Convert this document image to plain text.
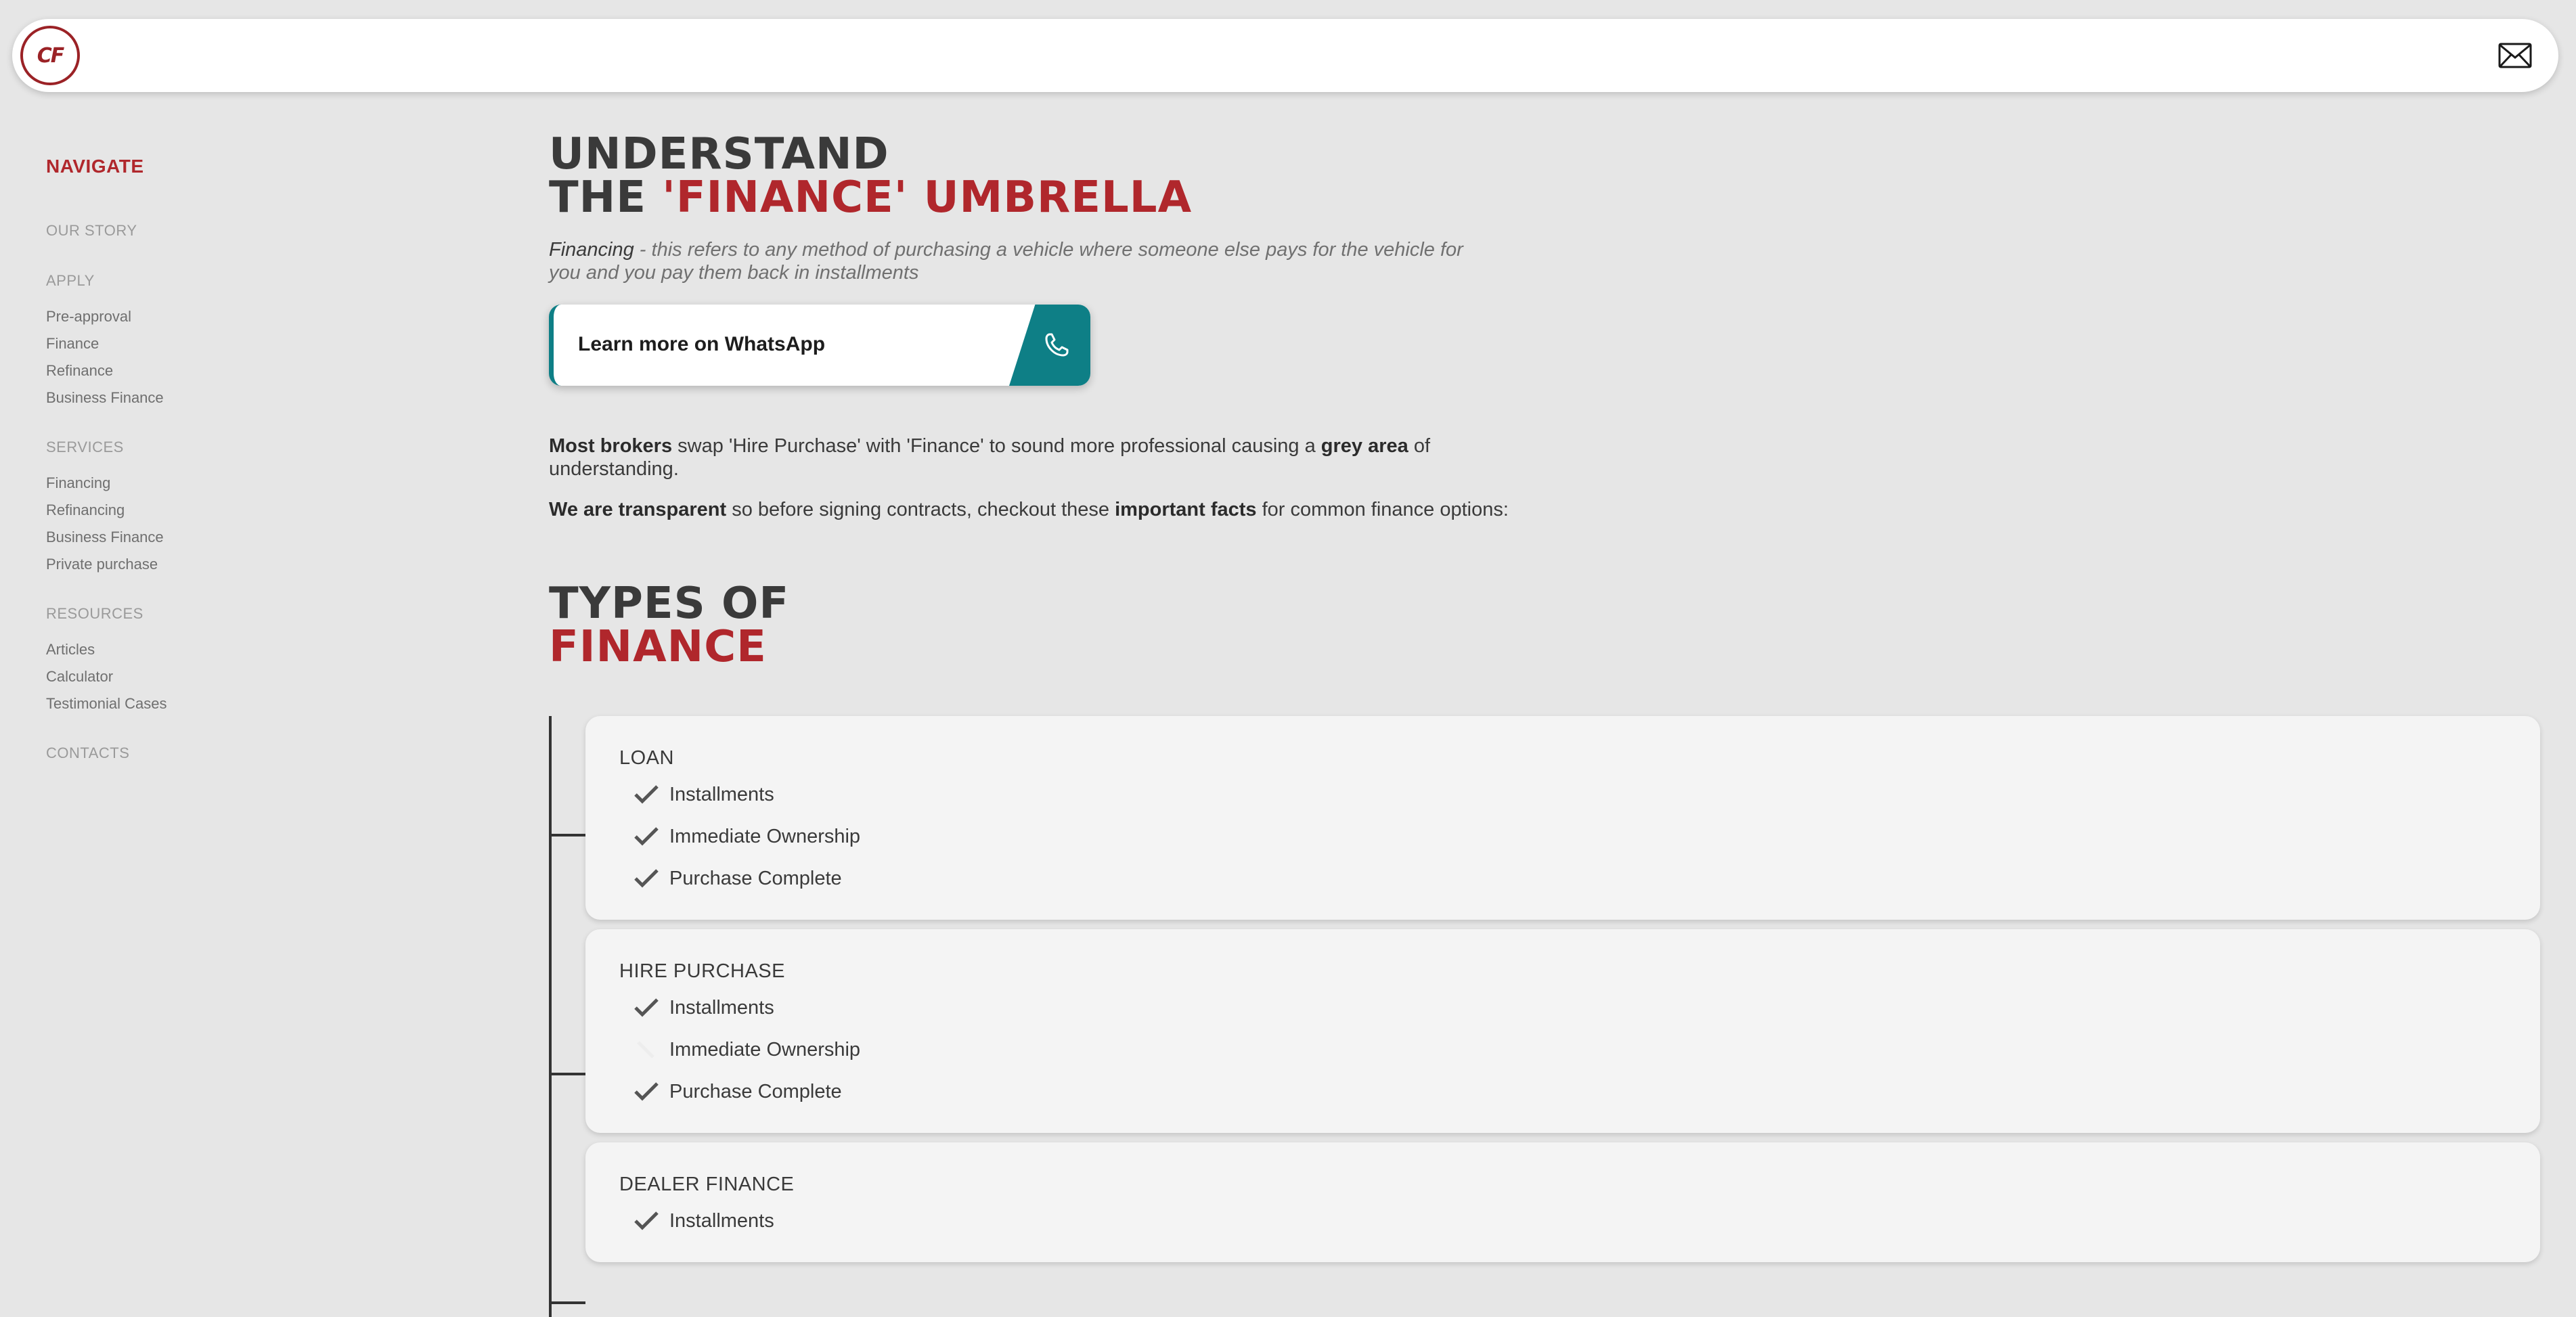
CF
NAVIGATE
OUR STORY
APPLY
Pre-approval
Finance
Refinance
Business Finance
SERVICES
Financing
Refinancing
Business Finance
Private purchase
RESOURCES
Articles
Calculator
Testimonial Cases
CONTACTS
UNDERSTAND
THE 'FINANCE' UMBRELLA
Financing - this refers to any method of purchasing a vehicle where someone else pays for the vehicle for you and you pay them back in installments
Learn more on WhatsApp
Most brokers swap 'Hire Purchase' with 'Finance' to sound more professional causing a grey area of understanding.
We are transparent so before signing contracts, checkout these important facts for common finance options:
TYPES OF
FINANCE
LOAN
Installments
Immediate Ownership
Purchase Complete
HIRE PURCHASE
Installments
Immediate Ownership
Purchase Complete
DEALER FINANCE
Installments
